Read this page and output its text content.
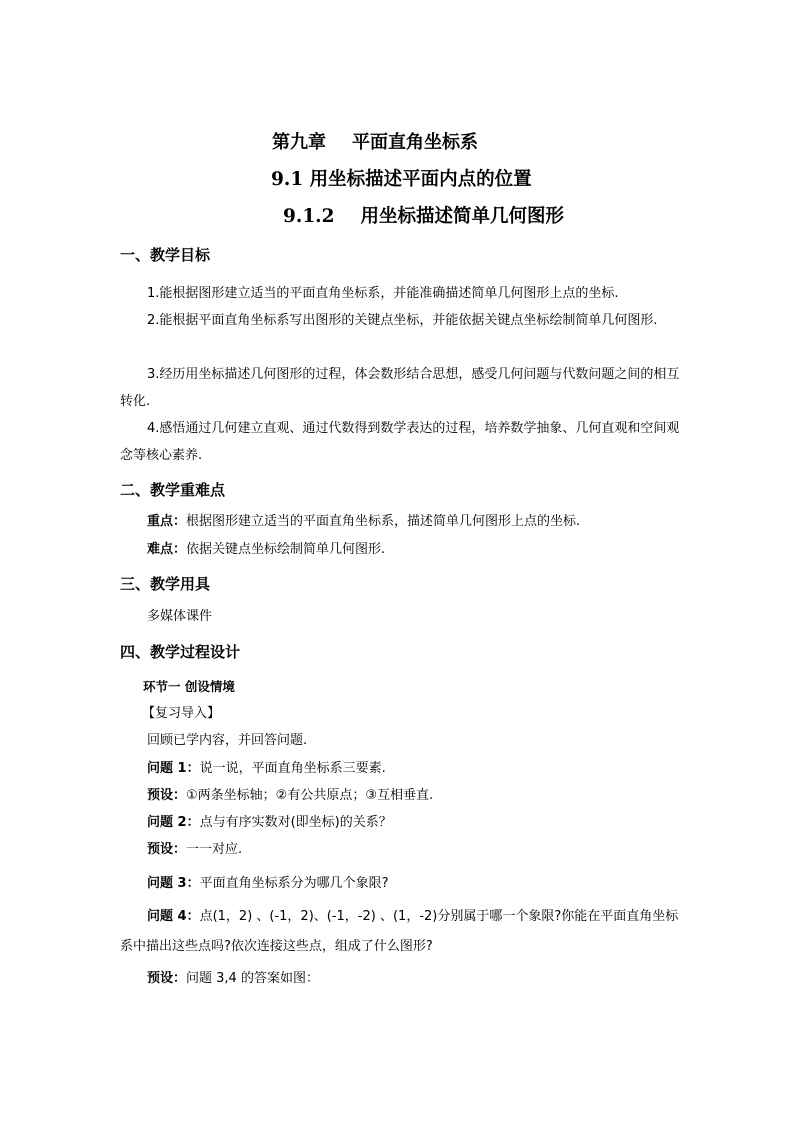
第九章 平面直角坐标系
9.1 用坐标描述平面内点的位置
9.1.2 用坐标描述简单几何图形
一、教学目标

1.能根据图形建立适当的平面直角坐标系，并能准确描述简单几何图形上点的坐标.

2.能根据平面直角坐标系写出图形的关键点坐标，并能依据关键点坐标绘制简单几何图形.

3.经历用坐标描述几何图形的过程，体会数形结合思想，感受几何问题与代数问题之间的相互转化.

4.感悟通过几何建立直观、通过代数得到数学表达的过程，培养数学抽象、几何直观和空间观念等核心素养.

二、教学重难点
重点：根据图形建立适当的平面直角坐标系，描述简单几何图形上点的坐标.
难点：依据关键点坐标绘制简单几何图形.
三、教学用具
多媒体课件
四、教学过程设计
环节一 创设情境
【复习导入】
回顾已学内容，并回答问题.
问题 1：说一说，平面直角坐标系三要素.
预设：①两条坐标轴；②有公共原点；③互相垂直.
问题 2：点与有序实数对(即坐标)的关系？
预设：一一对应.
问题 3：平面直角坐标系分为哪几个象限?

问题 4：点(1，2) 、(-1，2)、(-1，-2) 、(1，-2)分别属于哪一个象限?你能在平面直角坐标系中描出这些点吗?依次连接这些点，组成了什么图形?

预设：问题 3,4 的答案如图：
